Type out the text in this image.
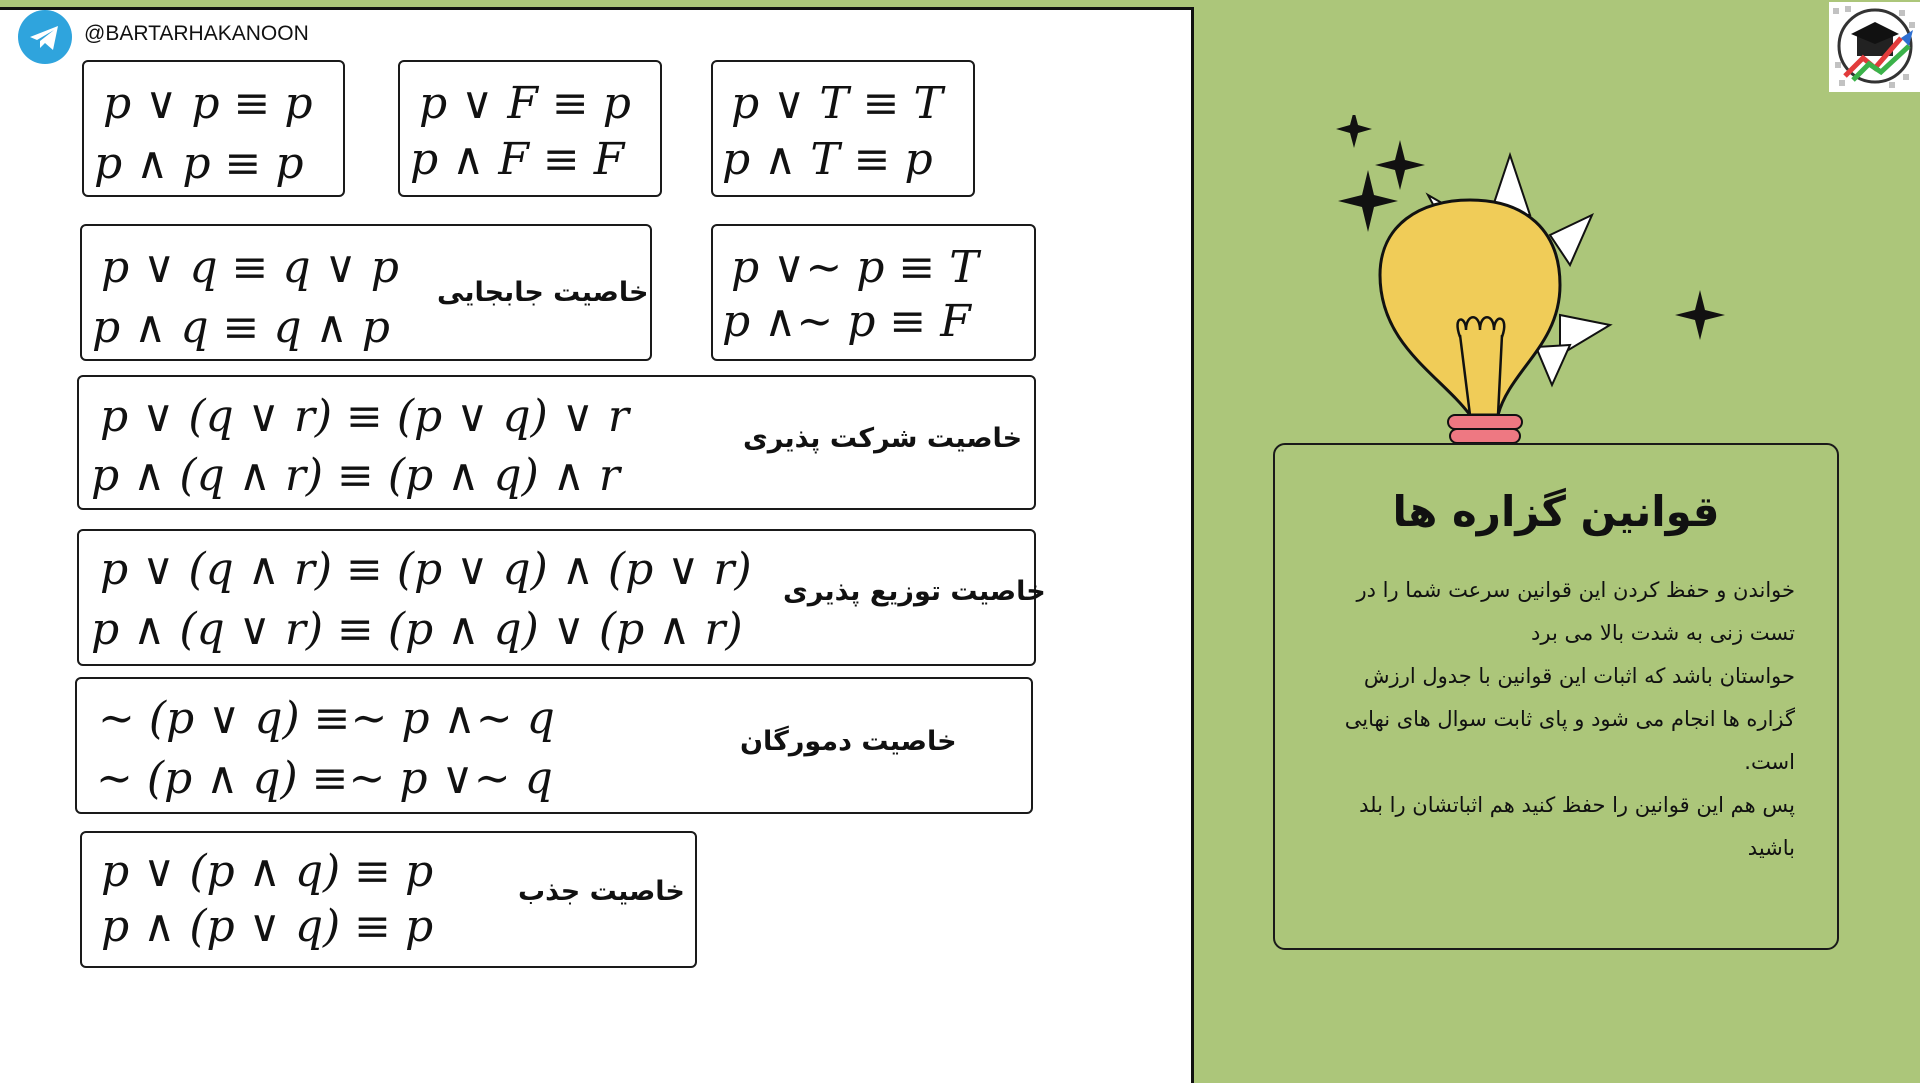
@BARTARHAKANOON
p ∨ p ≡ p
p ∧ p ≡ p
p ∨ F ≡ p
p ∧ F ≡ F
p ∨ T ≡ T
p ∧ T ≡ p
p ∨ q ≡ q ∨ p
p ∧ q ≡ q ∧ p
خاصیت جابجایی p ∨∼ p ≡ T
p ∧∼ p ≡ F
p ∨ (q ∨ r) ≡ (p ∨ q) ∨ r
p ∧ (q ∧ r) ≡ (p ∧ q) ∧ r
خاصیت شرکت پذیری
p ∨ (q ∧ r) ≡ (p ∨ q) ∧ (p ∨ r)
p ∧ (q ∨ r) ≡ (p ∧ q) ∨ (p ∧ r)
خاصیت توزیع پذیری
∼ (p ∨ q) ≡∼ p ∧∼ q
∼ (p ∧ q) ≡∼ p ∨∼ q
خاصیت دمورگان
p ∨ (p ∧ q) ≡ p
p ∧ (p ∨ q) ≡ p
خاصیت جذب
قوانین گزاره ها

خواندن و حفظ کردن این قوانین سرعت شما را در تست زنی به شدت بالا می برد

حواستان باشد که اثبات این قوانین با جدول ارزش گزاره ها انجام می شود و پای ثابت سوال های نهایی است.

پس هم این قوانین را حفظ کنید هم اثباتشان را بلد باشید
